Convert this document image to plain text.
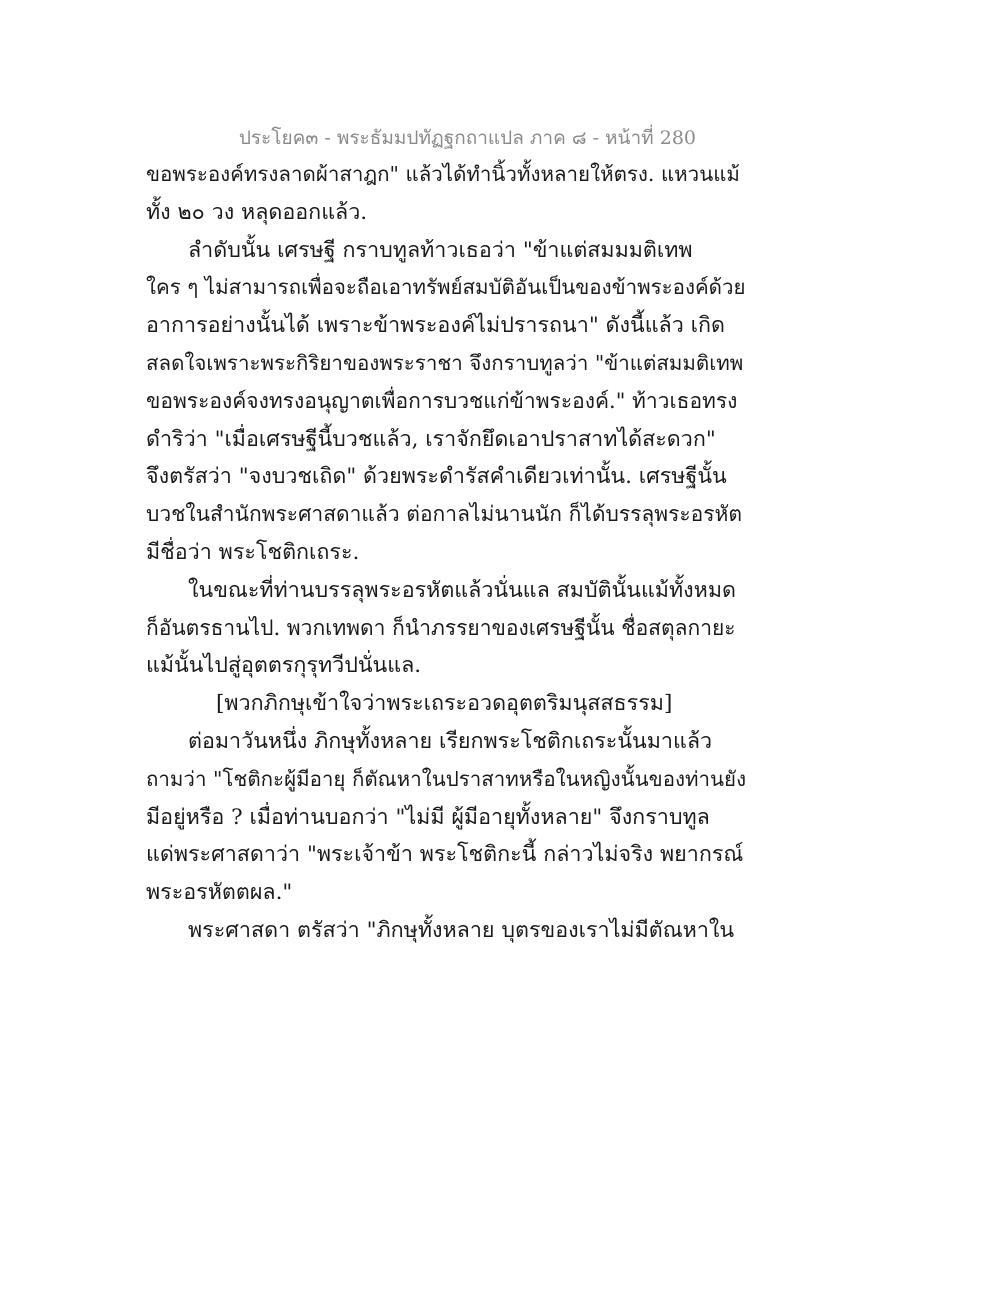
ประโยค๓ - พระธัมมปทัฏฐกถาแปล ภาค ๘ - หน้าที่ 280
ขอพระองค์ทรงลาดผ้าสาฎก" แล้วได้ทำนิ้วทั้งหลายให้ตรง. แหวนแม้
ทั้ง ๒๐ วง หลุดออกแล้ว.
ลำดับนั้น เศรษฐี กราบทูลท้าวเธอว่า "ข้าแต่สมมมติเทพ
ใคร ๆ ไม่สามารถเพื่อจะถือเอาทรัพย์สมบัติอันเป็นของข้าพระองค์ด้วย
อาการอย่างนั้นได้ เพราะข้าพระองค์ไม่ปรารถนา" ดังนี้แล้ว เกิด
สลดใจเพราะพระกิริยาของพระราชา จึงกราบทูลว่า "ข้าแต่สมมติเทพ
ขอพระองค์จงทรงอนุญาตเพื่อการบวชแก่ข้าพระองค์." ท้าวเธอทรง
ดำริว่า "เมื่อเศรษฐีนี้บวชแล้ว, เราจักยึดเอาปราสาทได้สะดวก"
จึงตรัสว่า "จงบวชเถิด" ด้วยพระดำรัสคำเดียวเท่านั้น. เศรษฐีนั้น
บวชในสำนักพระศาสดาแล้ว ต่อกาลไม่นานนัก ก็ได้บรรลุพระอรหัต
มีชื่อว่า พระโชติกเถระ.
ในขณะที่ท่านบรรลุพระอรหัตแล้วนั่นแล สมบัตินั้นแม้ทั้งหมด
ก็อันตรธานไป. พวกเทพดา ก็นำภรรยาของเศรษฐีนั้น ชื่อสตุลกายะ
แม้นั้นไปสู่อุตตรกุรุทวีปนั่นแล.
[พวกภิกษุเข้าใจว่าพระเถระอวดอุตตริมนุสสธรรม]
ต่อมาวันหนึ่ง ภิกษุทั้งหลาย เรียกพระโชติกเถระนั้นมาแล้ว
ถามว่า "โชติกะผู้มีอายุ ก็ตัณหาในปราสาทหรือในหญิงนั้นของท่านยัง
มีอยู่หรือ ? เมื่อท่านบอกว่า "ไม่มี ผู้มีอายุทั้งหลาย" จึงกราบทูล
แด่พระศาสดาว่า "พระเจ้าข้า พระโชติกะนี้ กล่าวไม่จริง พยากรณ์
พระอรหัตตผล."
พระศาสดา ตรัสว่า "ภิกษุทั้งหลาย บุตรของเราไม่มีตัณหาใน
